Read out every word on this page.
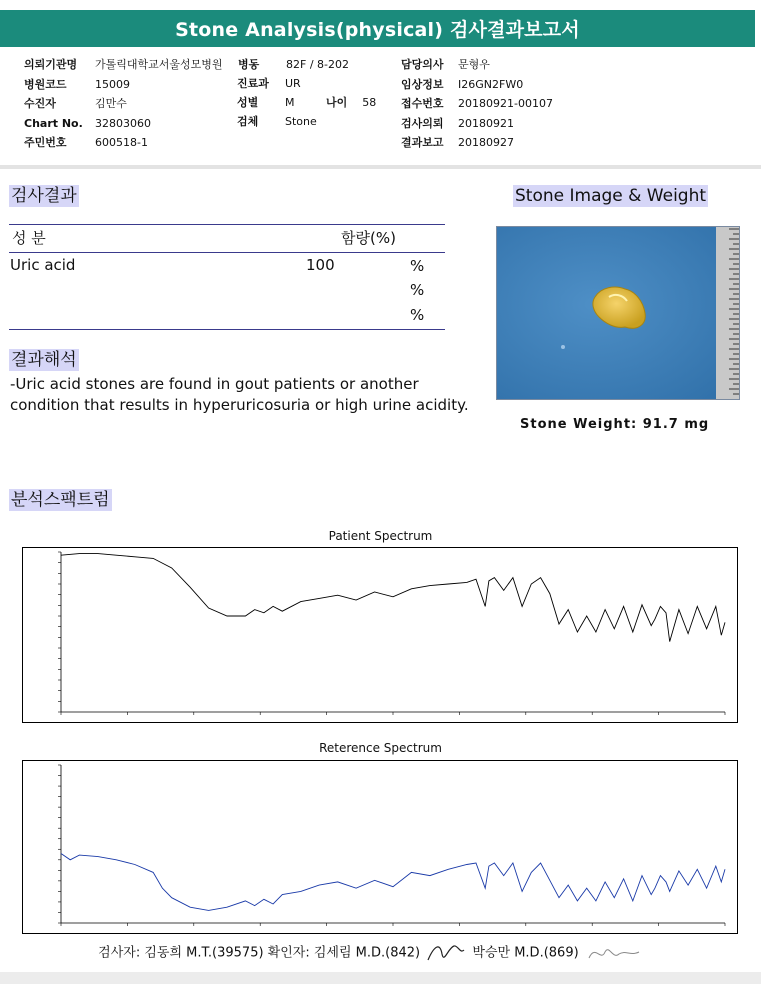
Stone Analysis(physical) 검사결과보고서
의뢰기관명 가톨릭대학교서울성모병원
병원코드	15009
수진자	김만수
Chart No. 32803060
주민번호	600518-1
병동 82F / 8-202
진료과 UR
성별 M
검체 Stone
담당의사 문형우
임상정보 I26GN2FW0
접수번호 20180921-00107
검사의뢰 20180921
결과보고 20180927
나이 58
검사결과
성 분	함량(%)
Uric acid	100	%
%
%
결과해석
-Uric acid stones are found in gout patients or another
condition that results in hyperuricosuria or high urine acidity.
Stone Image & Weight
Stone Weight: 91.7 mg
분석스팩트럼
Patient Spectrum
Reterence Spectrum
검사자: 김동희 M.T.(39575) 확인자: 김세림 M.D.(842)	박승만 M.D.(869)
